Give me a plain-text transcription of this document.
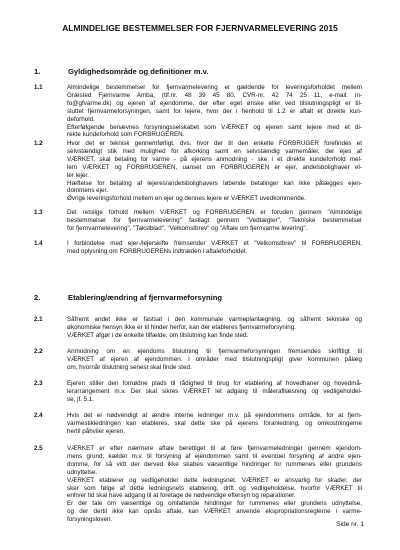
ALMINDELIGE BESTEMMELSER FOR FJERNVARMELEVERING 2015
1.	Gyldighedsområde og definitioner m.v.
1.1	Almindelige bestemmelser for fjernvarmelevering er gældende for leveringsforholdet mellem
Græsted Fjernvarme Amba, (tlf.nr. 48 39 45 80, CVR-nr. 42 74 25 11, e-mail: in-
fo@gfvarme.dk) og ejeren af ejendomme, der efter eget ønske eller ved tilslutningspligt er til-
sluttet fjernvarmeforsyningen, samt for lejere, hvor der i henhold til 1.2 er aftalt et direkte kun-
deforhold.
Efterfølgende benævnes forsyningsselskabet som VÆRKET og ejeren samt lejere med et di-
rekte kundeforhold som FORBRUGEREN.
1.2	Hvor det er teknisk gennemførligt, dvs. hvor der til den enkelte FORBRUGER forefindes et
selvstændigt stik med mulighed for afkorking samt en selvstændig varmemåler, der ejes af
VÆRKET, skal betaling for varme - på ejerens anmodning - ske i et direkte kundeforhold mel-
lem VÆRKET og FORBRUGEREN, uanset om FORBRUGEREN er ejer, andelsbolighaver el-
ler lejer.
Hæftelse for betaling af lejeres/andelsbolighavers løbende betalinger kan ikke pålægges ejen-
dommens ejer.
Øvrige leveringsforhold mellem en ejer og dennes lejere er VÆRKET uvedkommende.
1.3	Det retslige forhold mellem VÆRKET og FORBRUGEREN er foruden gennem "Almindelige
bestemmelser for fjernvarmelevering" fastlagt gennem "Vedtægter", "Tekniske bestemmelser
for fjernvarmelevering", "Takstblad", "Velkomstbrev" og "Aftale om fjernvarme levering".
1.4	I forbindelse med ejer-/lejerskifte fremsender VÆRKET et "Velkomstbrev" til FORBRUGEREN,
med oplysning om FORBRUGERENs indtræden i aftaleforholdet.
2.	Etablering/ændring af fjernvarmeforsyning
2.1	Såfremt andet ikke er fastsat i den kommunale varmeplanlægning, og såfremt tekniske og
økonomiske hensyn ikke er til hinder herfor, kan der etableres fjernvarmeforsyning.
VÆRKET afgør i de enkelte tilfælde, om tilslutning kan finde sted.
2.2	Anmodning om en ejendoms tilslutning til fjernvarmeforsyningen fremsendes skriftligt til
VÆRKET af ejeren af ejendommen. I områder med tilslutningspligt giver kommunen pålæg
om, hvornår tilslutning senest skal finde sted.
2.3	Ejeren stiller den fornødne plads til rådighed til brug for etablering af hovedhaner og hovedmå-
lerarrangement m.v. Der skal sikres VÆRKET let adgang til målerafllæsning og vedligeholdel-
se, jf. 5.1.
2.4	Hvis det er nødvendigt at ændre interne ledninger m.v. på ejendommens område, for at fjern-
varmestikledningen kan etableres, skal dette ske på ejerens foranledning, og omkostningerne
hertil påhviler ejeren.
2.5	VÆRKET er efter nærmere aftale berettiget til at føre fjernvarmeledninger gennem ejendom-
mens grund, kælder m.v. til forsyning af ejendommen samt til eventuel forsyning af andre ejen-
domme, for så vidt der derved ikke skabes væsentlige hindringer for rummenes eller grundens
udnyttelse.
VÆRKET etablerer og vedligeholder dette ledningsnet. VÆRKET er ansvarlig for skader, der
sker som følge af dette ledningsnets etablering, drift og vedligeholdelse, hvorfor VÆRKET til
enhver tid skal have adgang til at foretage de nødvendige eftersyn og reparationer.
Er der tale om væsentlige og omfattende hindringer for rummenes eller grundens udnyttelse,
og der dertil ikke kan opnås aftale, kan VÆRKET anvende ekspropriationsreglerne i varme-
forsyningsloven.
Side nr. 1
